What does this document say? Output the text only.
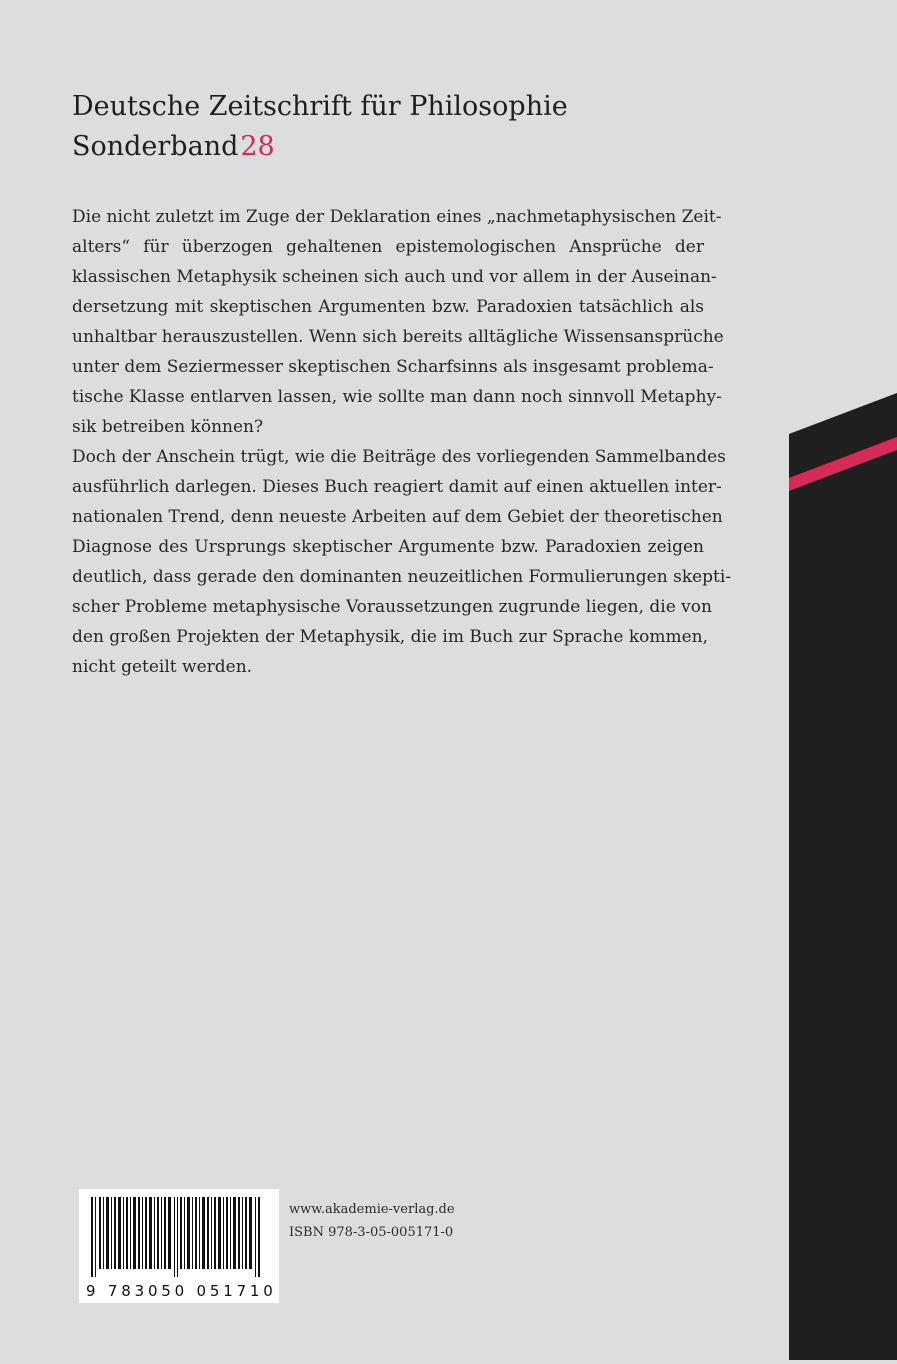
Deutsche Zeitschrift für Philosophie
Sonderband28

Die nicht zuletzt im Zuge der Deklaration eines „nachmetaphysischen Zeit-
alters“ für überzogen gehaltenen epistemologischen Ansprüche der
klassischen Metaphysik scheinen sich auch und vor allem in der Auseinan-
dersetzung mit skeptischen Argumenten bzw. Paradoxien tatsächlich als
unhaltbar herauszustellen. Wenn sich bereits alltägliche Wissensansprüche
unter dem Seziermesser skeptischen Scharfsinns als insgesamt problema-
tische Klasse entlarven lassen, wie sollte man dann noch sinnvoll Metaphy-
sik betreiben können?

Doch der Anschein trügt, wie die Beiträge des vorliegenden Sammelbandes
ausführlich darlegen. Dieses Buch reagiert damit auf einen aktuellen inter-
nationalen Trend, denn neueste Arbeiten auf dem Gebiet der theoretischen
Diagnose des Ursprungs skeptischer Argumente bzw. Paradoxien zeigen
deutlich, dass gerade den dominanten neuzeitlichen Formulierungen skepti-
scher Probleme metaphysische Voraussetzungen zugrunde liegen, die von
den großen Projekten der Metaphysik, die im Buch zur Sprache kommen,
nicht geteilt werden.

9 783050 051710
www.akademie-verlag.de
ISBN 978-3-05-005171-0
